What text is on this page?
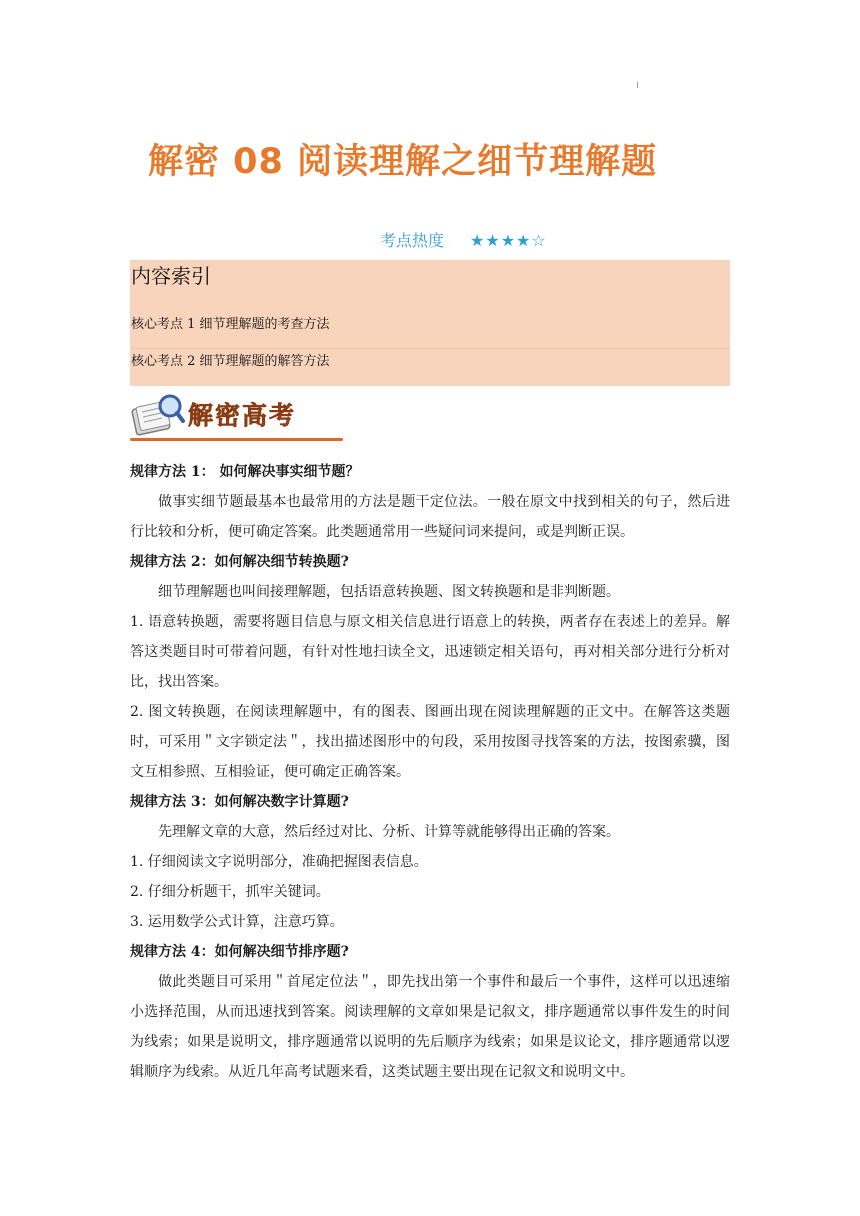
解密 08 阅读理解之细节理解题
考点热度 ★★★★☆
内容索引
核心考点 1 细节理解题的考查方法
核心考点 2 细节理解题的解答方法
解密高考

规律方法 1： 如何解决事实细节题？

做事实细节题最基本也最常用的方法是题干定位法。一般在原文中找到相关的句子，然后进行比较和分析，便可确定答案。此类题通常用一些疑问词来提问，或是判断正误。

规律方法 2：如何解决细节转换题?

细节理解题也叫间接理解题，包括语意转换题、图文转换题和是非判断题。

1. 语意转换题，需要将题目信息与原文相关信息进行语意上的转换，两者存在表述上的差异。解答这类题目时可带着问题，有针对性地扫读全文，迅速锁定相关语句，再对相关部分进行分析对比，找出答案。

2. 图文转换题，在阅读理解题中，有的图表、图画出现在阅读理解题的正文中。在解答这类题时，可采用＂文字锁定法＂，找出描述图形中的句段，采用按图寻找答案的方法，按图索骥，图文互相参照、互相验证，便可确定正确答案。

规律方法 3：如何解决数字计算题?

先理解文章的大意，然后经过对比、分析、计算等就能够得出正确的答案。

1. 仔细阅读文字说明部分，准确把握图表信息。

2. 仔细分析题干，抓牢关键词。

3. 运用数学公式计算，注意巧算。

规律方法 4：如何解决细节排序题?

做此类题目可采用＂首尾定位法＂，即先找出第一个事件和最后一个事件，这样可以迅速缩小选择范围，从而迅速找到答案。阅读理解的文章如果是记叙文，排序题通常以事件发生的时间为线索；如果是说明文，排序题通常以说明的先后顺序为线索；如果是议论文，排序题通常以逻辑顺序为线索。从近几年高考试题来看，这类试题主要出现在记叙文和说明文中。
